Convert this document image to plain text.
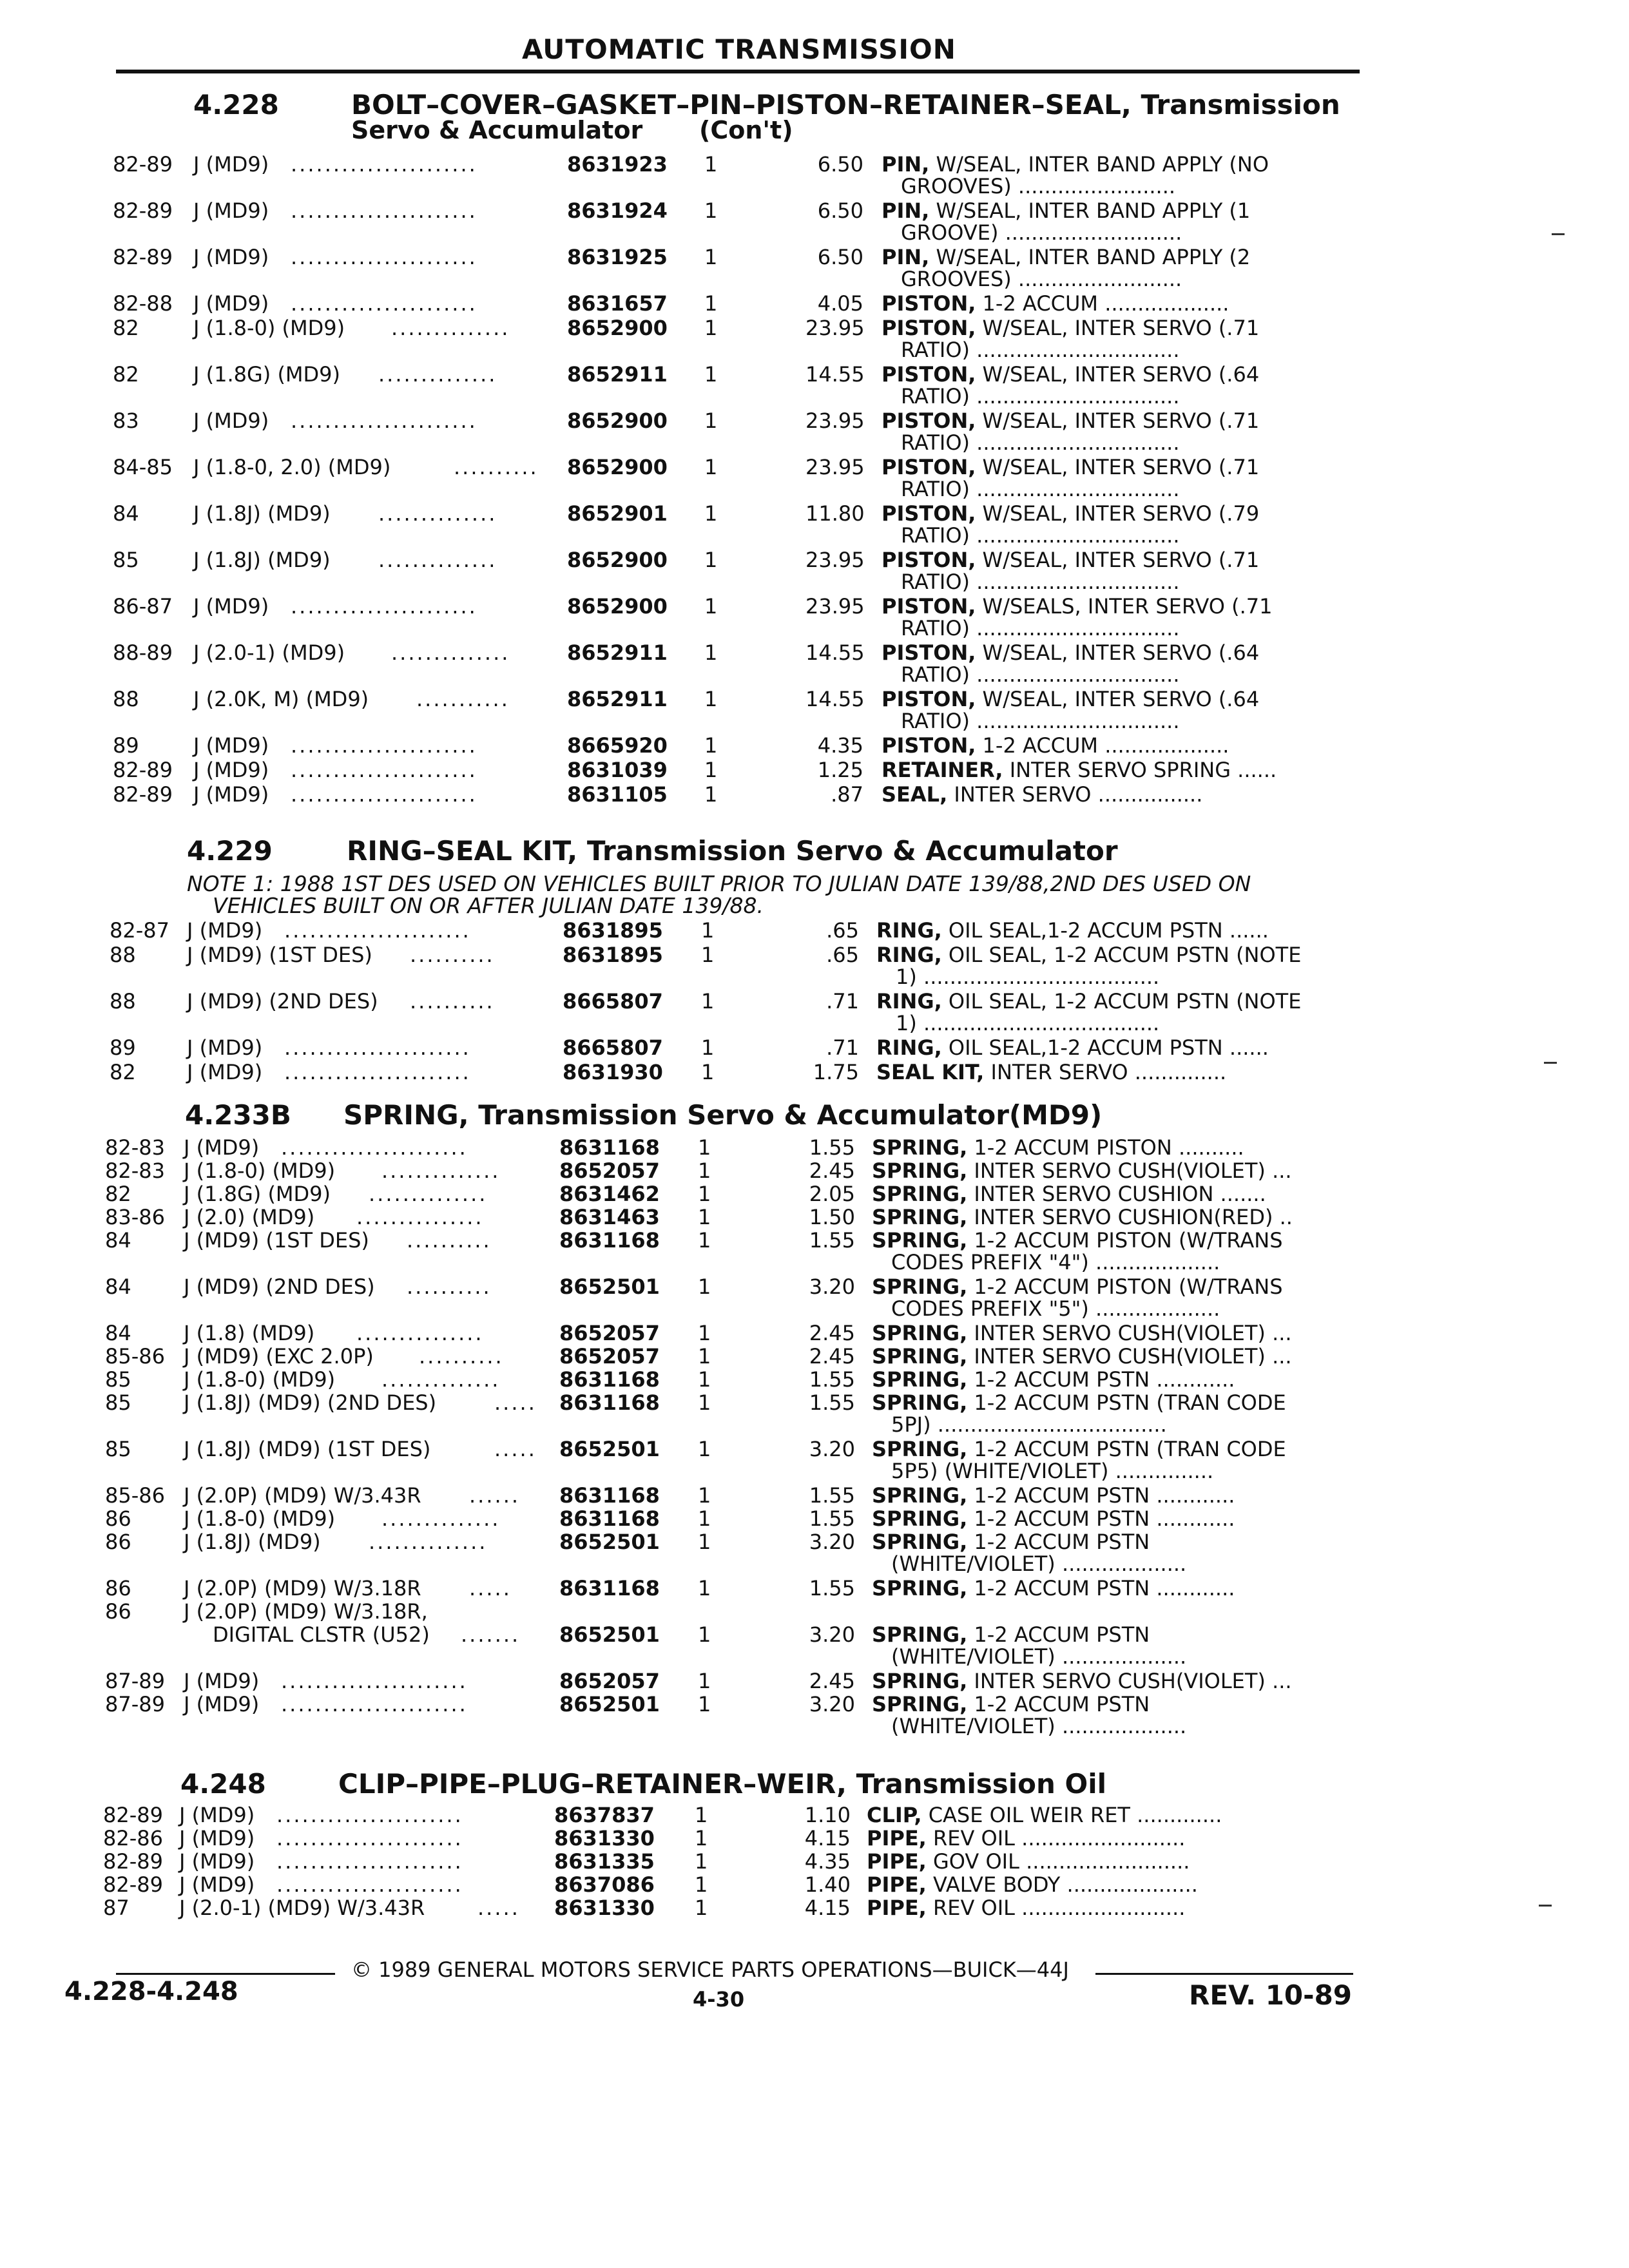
AUTOMATIC TRANSMISSION
4.228	BOLT–COVER–GASKET–PIN–PISTON–RETAINER–SEAL, Transmission
Servo & Accumulator (Con't)
82-89 J (MD9) ......................	8631923 1	6.50 PIN, W/SEAL, INTER BAND APPLY (NO
GROOVES) ........................
82-89 J (MD9) ......................	8631924 1	6.50 PIN, W/SEAL, INTER BAND APPLY (1
GROOVE) ...........................
82-89 J (MD9) ......................	8631925 1	6.50 PIN, W/SEAL, INTER BAND APPLY (2
GROOVES) .........................
82-88 J (MD9) ......................	8631657 1	4.05 PISTON, 1-2 ACCUM ...................
82	J (1.8-0) (MD9) ..............	8652900 1	23.95 PISTON, W/SEAL, INTER SERVO (.71
RATIO) ...............................
82	J (1.8G) (MD9) ..............	8652911 1	14.55 PISTON, W/SEAL, INTER SERVO (.64
RATIO) ...............................
83	J (MD9) ......................	8652900 1	23.95 PISTON, W/SEAL, INTER SERVO (.71
RATIO) ...............................
84-85 J (1.8-0, 2.0) (MD9)	.......... 8652900 1	23.95 PISTON, W/SEAL, INTER SERVO (.71
RATIO) ...............................
84	J (1.8J) (MD9) ..............	8652901 1	11.80 PISTON, W/SEAL, INTER SERVO (.79
RATIO) ...............................
85	J (1.8J) (MD9) ..............	8652900 1	23.95 PISTON, W/SEAL, INTER SERVO (.71
RATIO) ...............................
86-87 J (MD9) ......................	8652900 1	23.95 PISTON, W/SEALS, INTER SERVO (.71
RATIO) ...............................
88-89 J (2.0-1) (MD9) ..............	8652911 1	14.55 PISTON, W/SEAL, INTER SERVO (.64
RATIO) ...............................
88	J (2.0K, M) (MD9) ...........	8652911 1	14.55 PISTON, W/SEAL, INTER SERVO (.64
RATIO) ...............................
89	J (MD9) ......................	8665920 1	4.35 PISTON, 1-2 ACCUM ...................
82-89 J (MD9) ......................	8631039 1	1.25 RETAINER, INTER SERVO SPRING ......
82-89 J (MD9) ......................	8631105 1	.87 SEAL, INTER SERVO ................
4.229	RING–SEAL KIT, Transmission Servo & Accumulator
NOTE 1: 1988 1ST DES USED ON VEHICLES BUILT PRIOR TO JULIAN DATE 139/88,2ND DES USED ON
VEHICLES BUILT ON OR AFTER JULIAN DATE 139/88.
82-87 J (MD9) ......................	8631895 1	.65 RING, OIL SEAL,1-2 ACCUM PSTN ......
88 J (MD9) (1ST DES) ..........	8631895 1	.65 RING, OIL SEAL, 1-2 ACCUM PSTN (NOTE
1) ....................................
88 J (MD9) (2ND DES) ..........	8665807 1	.71 RING, OIL SEAL, 1-2 ACCUM PSTN (NOTE
1) ....................................
89 J (MD9) ......................	8665807 1	.71 RING, OIL SEAL,1-2 ACCUM PSTN ......
82 J (MD9) ......................	8631930 1	1.75 SEAL KIT, INTER SERVO ..............
4.233B SPRING, Transmission Servo & Accumulator(MD9)
82-83 J (MD9) ......................	8631168 1	1.55 SPRING, 1-2 ACCUM PISTON ..........
82-83 J (1.8-0) (MD9) ..............	8652057 1	2.45 SPRING, INTER SERVO CUSH(VIOLET) ...
82	J (1.8G) (MD9) ..............	8631462 1	2.05 SPRING, INTER SERVO CUSHION .......
83-86 J (2.0) (MD9) ...............	8631463 1	1.50 SPRING, INTER SERVO CUSHION(RED) ..
84	J (MD9) (1ST DES) ..........	8631168 1	1.55 SPRING, 1-2 ACCUM PISTON (W/TRANS
CODES PREFIX "4") ...................
84	J (MD9) (2ND DES) ..........	8652501 1	3.20 SPRING, 1-2 ACCUM PISTON (W/TRANS
CODES PREFIX "5") ...................
84	J (1.8) (MD9) ...............	8652057 1	2.45 SPRING, INTER SERVO CUSH(VIOLET) ...
85-86 J (MD9) (EXC 2.0P) ..........	8652057 1	2.45 SPRING, INTER SERVO CUSH(VIOLET) ...
85	J (1.8-0) (MD9) ..............	8631168 1	1.55 SPRING, 1-2 ACCUM PSTN ............
85	J (1.8J) (MD9) (2ND DES)	..... 8631168 1	1.55 SPRING, 1-2 ACCUM PSTN (TRAN CODE
5PJ) ...................................
85	J (1.8J) (MD9) (1ST DES)	..... 8652501 1	3.20 SPRING, 1-2 ACCUM PSTN (TRAN CODE
5P5) (WHITE/VIOLET) ...............
85-86 J (2.0P) (MD9) W/3.43R ...... 8631168 1	1.55 SPRING, 1-2 ACCUM PSTN ............
86	J (1.8-0) (MD9) ..............	8631168 1	1.55 SPRING, 1-2 ACCUM PSTN ............
86	J (1.8J) (MD9) ..............	8652501 1	3.20 SPRING, 1-2 ACCUM PSTN
(WHITE/VIOLET) ...................
86	J (2.0P) (MD9) W/3.18R ..... 8631168 1	1.55 SPRING, 1-2 ACCUM PSTN ............
86	J (2.0P) (MD9) W/3.18R,
DIGITAL CLSTR (U52) ....... 8652501 1	3.20 SPRING, 1-2 ACCUM PSTN
(WHITE/VIOLET) ...................
87-89 J (MD9) ......................	8652057 1	2.45 SPRING, INTER SERVO CUSH(VIOLET) ...
87-89 J (MD9) ......................	8652501 1	3.20 SPRING, 1-2 ACCUM PSTN
(WHITE/VIOLET) ...................
4.248	CLIP–PIPE–PLUG–RETAINER–WEIR, Transmission Oil
82-89 J (MD9) ......................	8637837 1	1.10 CLIP, CASE OIL WEIR RET .............
82-86 J (MD9) ......................	8631330 1	4.15 PIPE, REV OIL .........................
82-89 J (MD9) ......................	8631335 1	4.35 PIPE, GOV OIL .........................
82-89 J (MD9) ......................	8637086 1	1.40 PIPE, VALVE BODY ....................
87 J (2.0-1) (MD9) W/3.43R	..... 8631330 1	4.15 PIPE, REV OIL .........................
© 1989 GENERAL MOTORS SERVICE PARTS OPERATIONS—BUICK—44J
4.228-4.248	4-30	REV. 10-89
